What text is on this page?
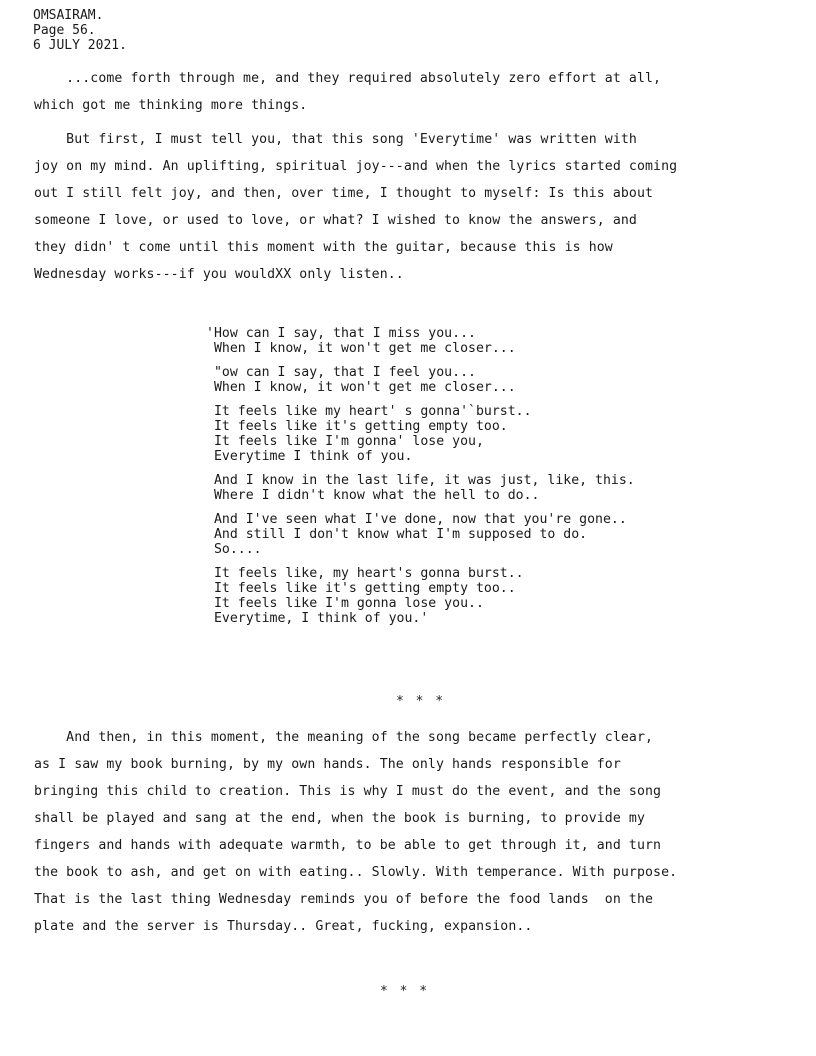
OMSAIRAM.
Page 56.
6 JULY 2021.
...come forth through me, and they required absolutely zero effort at all,
which got me thinking more things.
But first, I must tell you, that this song 'Everytime' was written with
joy on my mind. An uplifting, spiritual joy---and when the lyrics started coming
out I still felt joy, and then, over time, I thought to myself: Is this about
someone I love, or used to love, or what? I wished to know the answers, and
they didn' t come until this moment with the guitar, because this is how
Wednesday works---if you wouldXX only listen..
'How can I say, that I miss you...
When I know, it won't get me closer...
"ow can I say, that I feel you...
When I know, it won't get me closer...
It feels like my heart' s gonna'`burst..
It feels like it's getting empty too.
It feels like I'm gonna' lose you,
Everytime I think of you.
And I know in the last life, it was just, like, this.
Where I didn't know what the hell to do..
And I've seen what I've done, now that you're gone..
And still I don't know what I'm supposed to do.
So....
It feels like, my heart's gonna burst..
It feels like it's getting empty too..
It feels like I'm gonna lose you..
Everytime, I think of you.'
* * *
And then, in this moment, the meaning of the song became perfectly clear,
as I saw my book burning, by my own hands. The only hands responsible for
bringing this child to creation. This is why I must do the event, and the song
shall be played and sang at the end, when the book is burning, to provide my
fingers and hands with adequate warmth, to be able to get through it, and turn
the book to ash, and get on with eating.. Slowly. With temperance. With purpose.
That is the last thing Wednesday reminds you of before the food lands  on the
plate and the server is Thursday.. Great, fucking, expansion..
* * *
